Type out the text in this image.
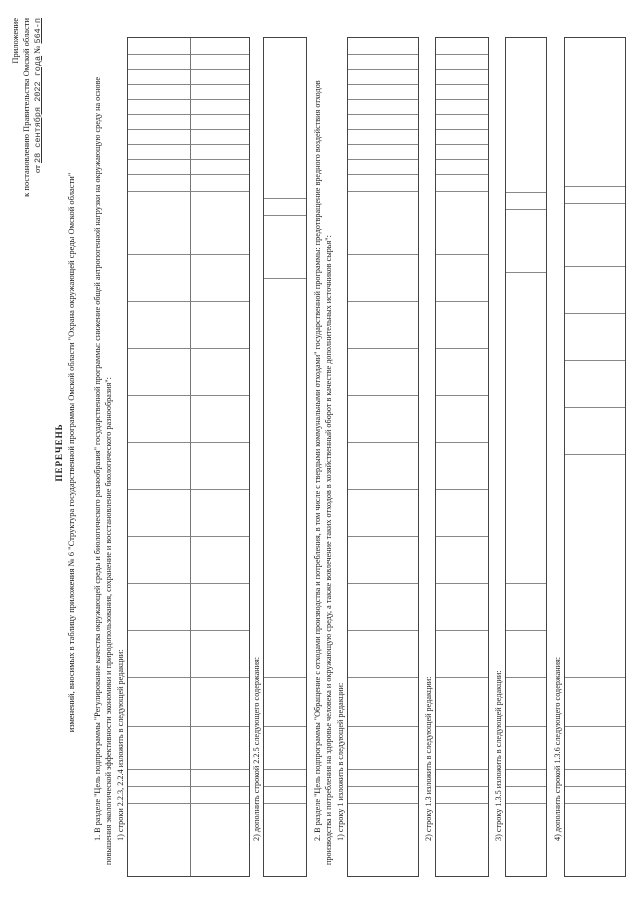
Приложение к постановлению Правительства Омской области от 28 сентября 2022 года № 564-п
ПЕРЕЧЕНЬ изменений, вносимых в таблицу приложения № 6 "Структура государственной программы Омской области "Охрана окружающей среды Омской области" 1. В разделе "Цель подпрограммы "Регулирование качества окружающей среды и биологического разнообразия" государственной программы: снижение общей антропогенной нагрузки на окружающую среду на основе повышения экологической эффективности экономики и природопользования, сохранение и восстановление биологического разнообразия": 1) строки 2.2.3, 2.2.4 изложить в следующей редакции:	2) дополнить строкой 2.2.5 следующего содержания:	2. В разделе "Цель подпрограммы "Обращение с отходами производства и потребления, в том числе с твердыми коммунальными отходами" государственной программы: предотвращение вредного воздействия отходов производства и потребления на здоровье человека и окружающую среду, а также вовлечение таких отходов в хозяйственный оборот в качестве дополнительных источников сырья": 1) строку 1 изложить в следующей редакции:	2) строку 1.3 изложить в следующей редакции:	3) строку 1.3.5 изложить в следующей редакции:	4) дополнить строкой 1.3.6 следующего содержания:
